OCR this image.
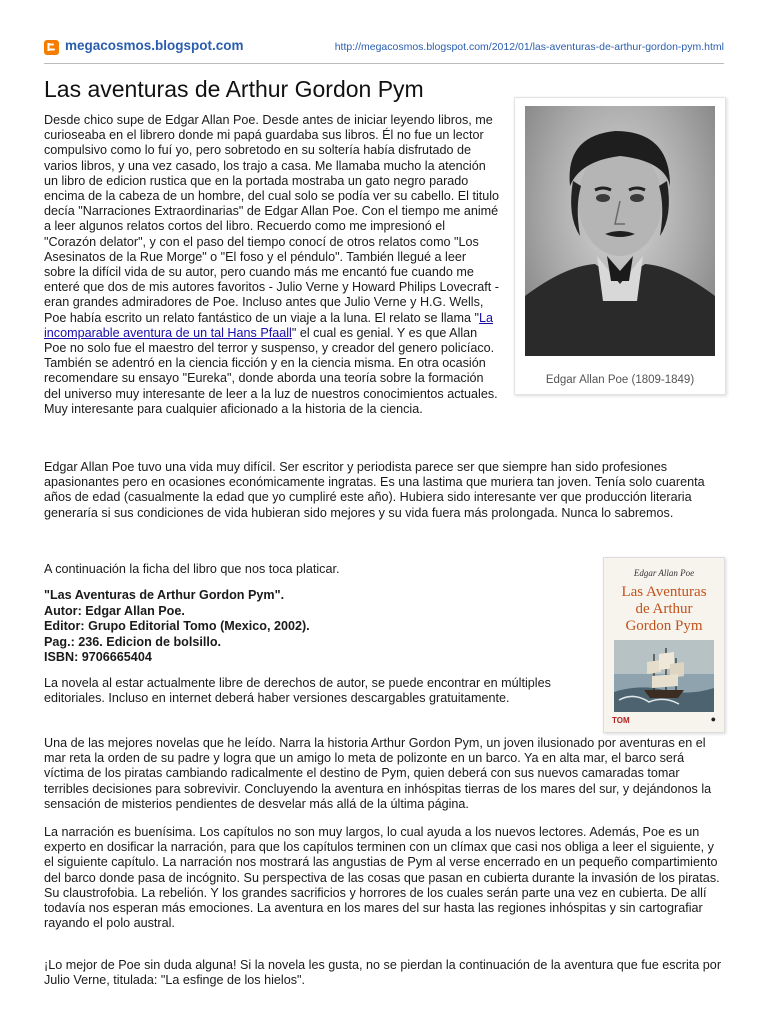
megacosmos.blogspot.com	http://megacosmos.blogspot.com/2012/01/las-aventuras-de-arthur-gordon-pym.html
Las aventuras de Arthur Gordon Pym

Desde chico supe de Edgar Allan Poe. Desde antes de iniciar leyendo libros, me curioseaba en el librero donde mi papá guardaba sus libros. Él no fue un lector compulsivo como lo fuí yo, pero sobretodo en su soltería había disfrutado de varios libros, y una vez casado, los trajo a casa. Me llamaba mucho la atención un libro de edicion rustica que en la portada mostraba un gato negro parado encima de la cabeza de un hombre, del cual solo se podía ver su cabello. El titulo decía "Narraciones Extraordinarias" de Edgar Allan Poe. Con el tiempo me animé a leer algunos relatos cortos del libro. Recuerdo como me impresionó el "Corazón delator", y con el paso del tiempo conocí de otros relatos como "Los Asesinatos de la Rue Morge" o "El foso y el péndulo". También llegué a leer sobre la difícil vida de su autor, pero cuando más me encantó fue cuando me enteré que dos de mis autores favoritos - Julio Verne y Howard Philips Lovecraft - eran grandes admiradores de Poe. Incluso antes que Julio Verne y H.G. Wells, Poe había escrito un relato fantástico de un viaje a la luna. El relato se llama "La incomparable aventura de un tal Hans Pfaall" el cual es genial. Y es que Allan Poe no solo fue el maestro del terror y suspenso, y creador del genero policíaco. También se adentró en la ciencia ficción y en la ciencia misma. En otra ocasión recomendare su ensayo "Eureka", donde aborda una teoría sobre la formación del universo muy interesante de leer a la luz de nuestros conocimientos actuales. Muy interesante para cualquier aficionado a la historia de la ciencia.

Edgar Allan Poe (1809-1849)

Edgar Allan Poe tuvo una vida muy difícil. Ser escritor y periodista parece ser que siempre han sido profesiones apasionantes pero en ocasiones económicamente ingratas. Es una lastima que muriera tan joven. Tenía solo cuarenta años de edad (casualmente la edad que yo cumpliré este año). Hubiera sido interesante ver que producción literaria generaría si sus condiciones de vida hubieran sido mejores y su vida fuera más prolongada. Nunca lo sabremos.

A continuación la ficha del libro que nos toca platicar.

"Las Aventuras de Arthur Gordon Pym".
Autor: Edgar Allan Poe.
Editor: Grupo Editorial Tomo (Mexico, 2002).
Pag.: 236. Edicion de bolsillo.
ISBN: 9706665404

La novela al estar actualmente libre de derechos de autor, se puede encontrar en múltiples editoriales. Incluso en internet deberá haber versiones descargables gratuitamente.

Edgar Allan Poe
Las Aventuras
de Arthur
Gordon Pym
TOM	●

Una de las mejores novelas que he leído. Narra la historia Arthur Gordon Pym, un joven ilusionado por aventuras en el mar reta la orden de su padre y logra que un amigo lo meta de polizonte en un barco. Ya en alta mar, el barco será víctima de los piratas cambiando radicalmente el destino de Pym, quien deberá con sus nuevos camaradas tomar terribles decisiones para sobrevivir. Concluyendo la aventura en inhóspitas tierras de los mares del sur, y dejándonos la sensación de misterios pendientes de desvelar más allá de la última página.

La narración es buenísima. Los capítulos no son muy largos, lo cual ayuda a los nuevos lectores. Además, Poe es un experto en dosificar la narración, para que los capítulos terminen con un clímax que casi nos obliga a leer el siguiente, y el siguiente capítulo. La narración nos mostrará las angustias de Pym al verse encerrado en un pequeño compartimiento del barco donde pasa de incógnito. Su perspectiva de las cosas que pasan en cubierta durante la invasión de los piratas. Su claustrofobia. La rebelión. Y los grandes sacrificios y horrores de los cuales serán parte una vez en cubierta. De allí todavía nos esperan más emociones. La aventura en los mares del sur hasta las regiones inhóspitas y sin cartografiar rayando el polo austral.

¡Lo mejor de Poe sin duda alguna! Si la novela les gusta, no se pierdan la continuación de la aventura que fue escrita por Julio Verne, titulada: "La esfinge de los hielos".
